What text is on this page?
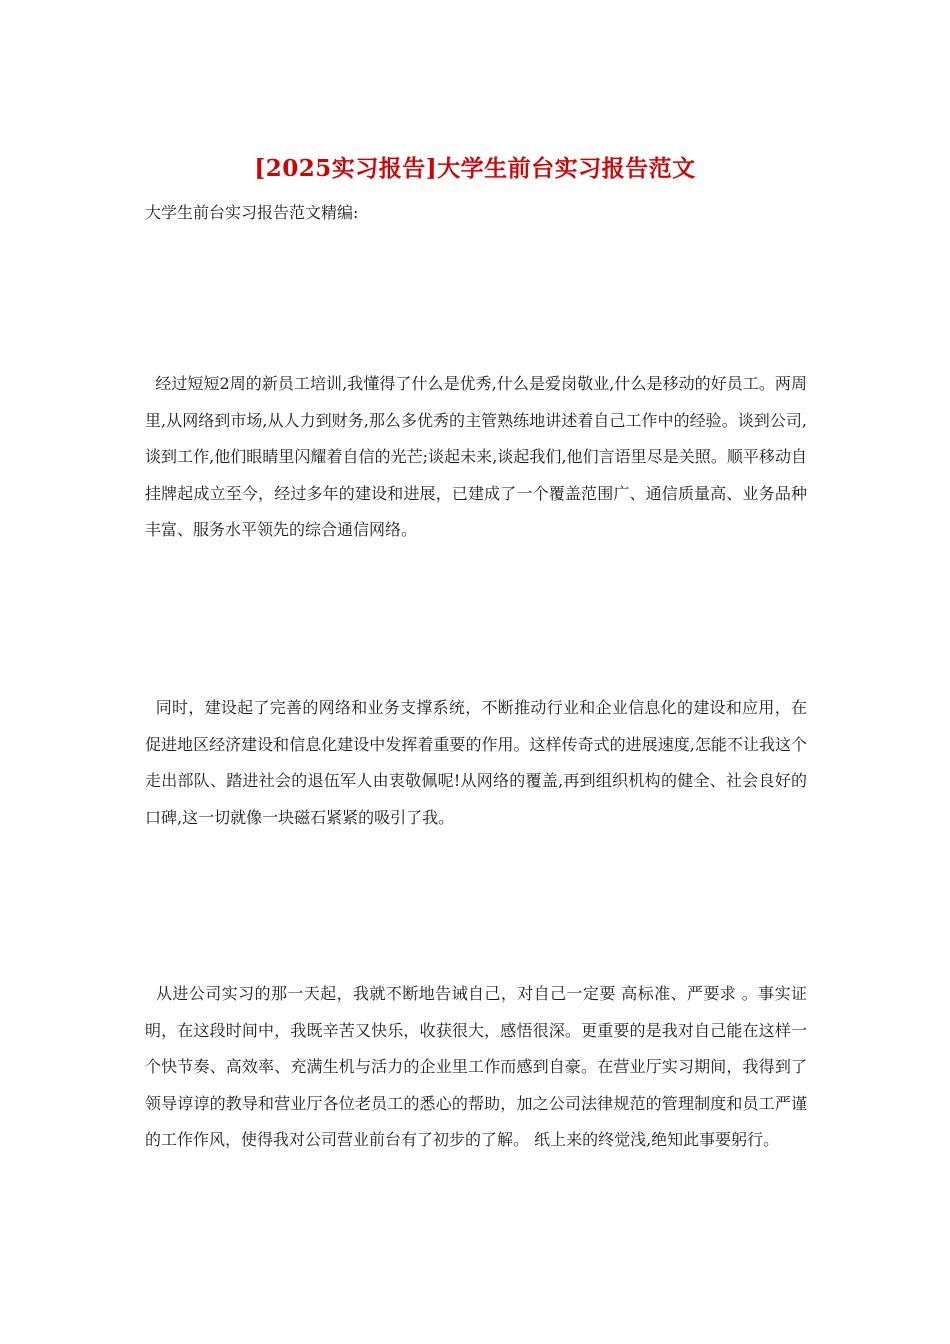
[2025实习报告]大学生前台实习报告范文
大学生前台实习报告范文精编:

经过短短2周的新员工培训,我懂得了什么是优秀,什么是爱岗敬业,什么是移动的好员工。两周里,从网络到市场,从人力到财务,那么多优秀的主管熟练地讲述着自己工作中的经验。谈到公司,谈到工作,他们眼睛里闪耀着自信的光芒;谈起未来,谈起我们,他们言语里尽是关照。顺平移动自挂牌起成立至今，经过多年的建设和进展，已建成了一个覆盖范围广、通信质量高、业务品种丰富、服务水平领先的综合通信网络。

同时，建设起了完善的网络和业务支撑系统，不断推动行业和企业信息化的建设和应用，在促进地区经济建设和信息化建设中发挥着重要的作用。这样传奇式的进展速度,怎能不让我这个走出部队、踏进社会的退伍军人由衷敬佩呢!从网络的覆盖,再到组织机构的健全、社会良好的口碑,这一切就像一块磁石紧紧的吸引了我。

从进公司实习的那一天起，我就不断地告诫自己，对自己一定要 高标准、严要求 。事实证明，在这段时间中，我既辛苦又快乐，收获很大，感悟很深。更重要的是我对自己能在这样一个快节奏、高效率、充满生机与活力的企业里工作而感到自豪。在营业厅实习期间，我得到了领导谆谆的教导和营业厅各位老员工的悉心的帮助，加之公司法律规范的管理制度和员工严谨的工作作风，使得我对公司营业前台有了初步的了解。 纸上来的终觉浅,绝知此事要躬行。
